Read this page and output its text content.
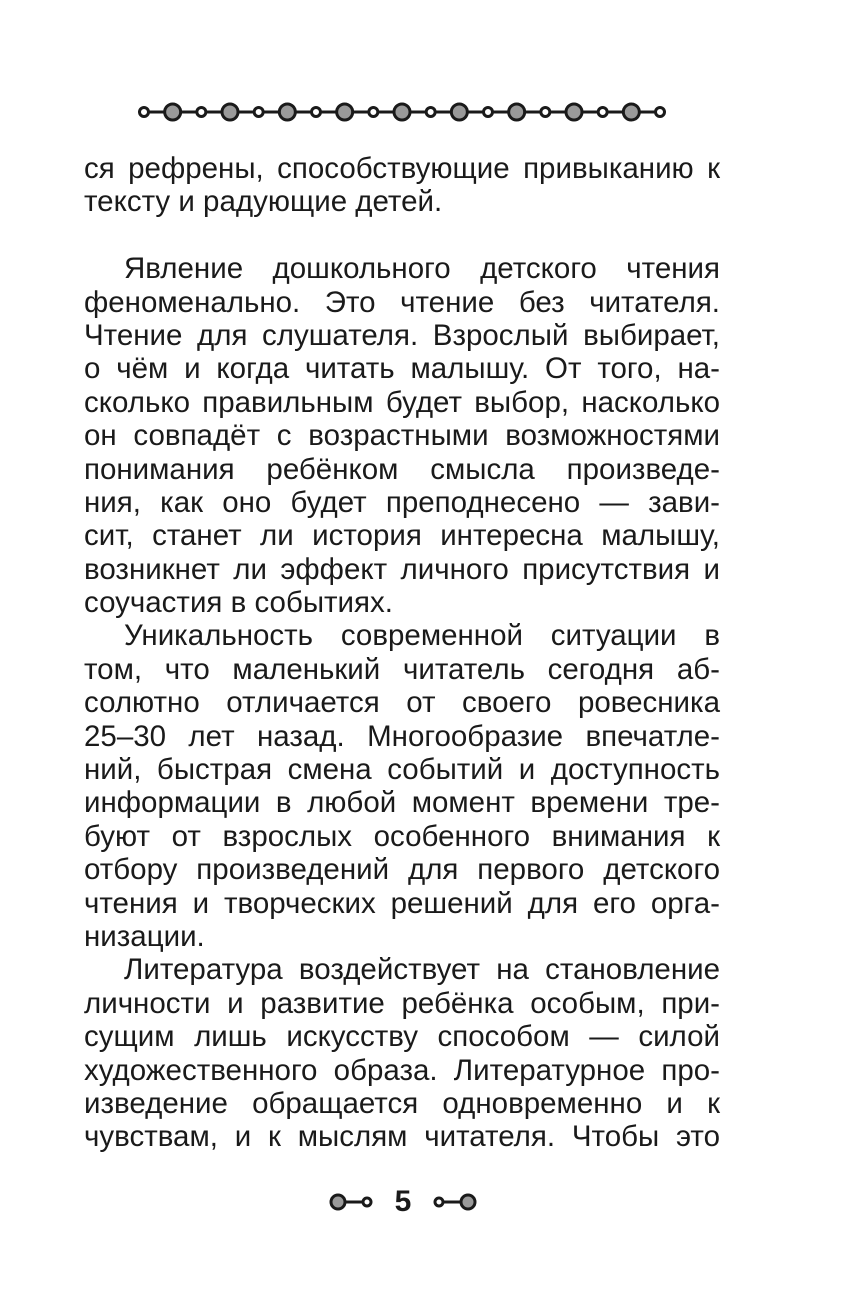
ся рефрены, способствующие привыканию к
тексту и радующие детей.
Явление дошкольного детского чтения
феноменально. Это чтение без читателя.
Чтение для слушателя. Взрослый выбирает,
о чём и когда читать малышу. От того, на-
сколько правильным будет выбор, насколько
он совпадёт с возрастными возможностями
понимания ребёнком смысла произведе-
ния, как оно будет преподнесено — зави-
сит, станет ли история интересна малышу,
возникнет ли эффект личного присутствия и
соучастия в событиях.
Уникальность современной ситуации в
том, что маленький читатель сегодня аб-
солютно отличается от своего ровесника
25–30 лет назад. Многообразие впечатле-
ний, быстрая смена событий и доступность
информации в любой момент времени тре-
буют от взрослых особенного внимания к
отбору произведений для первого детского
чтения и творческих решений для его орга-
низации.
Литература воздействует на становление
личности и развитие ребёнка особым, при-
сущим лишь искусству способом — силой
художественного образа. Литературное про-
изведение обращается одновременно и к
чувствам, и к мыслям читателя. Чтобы это
5
